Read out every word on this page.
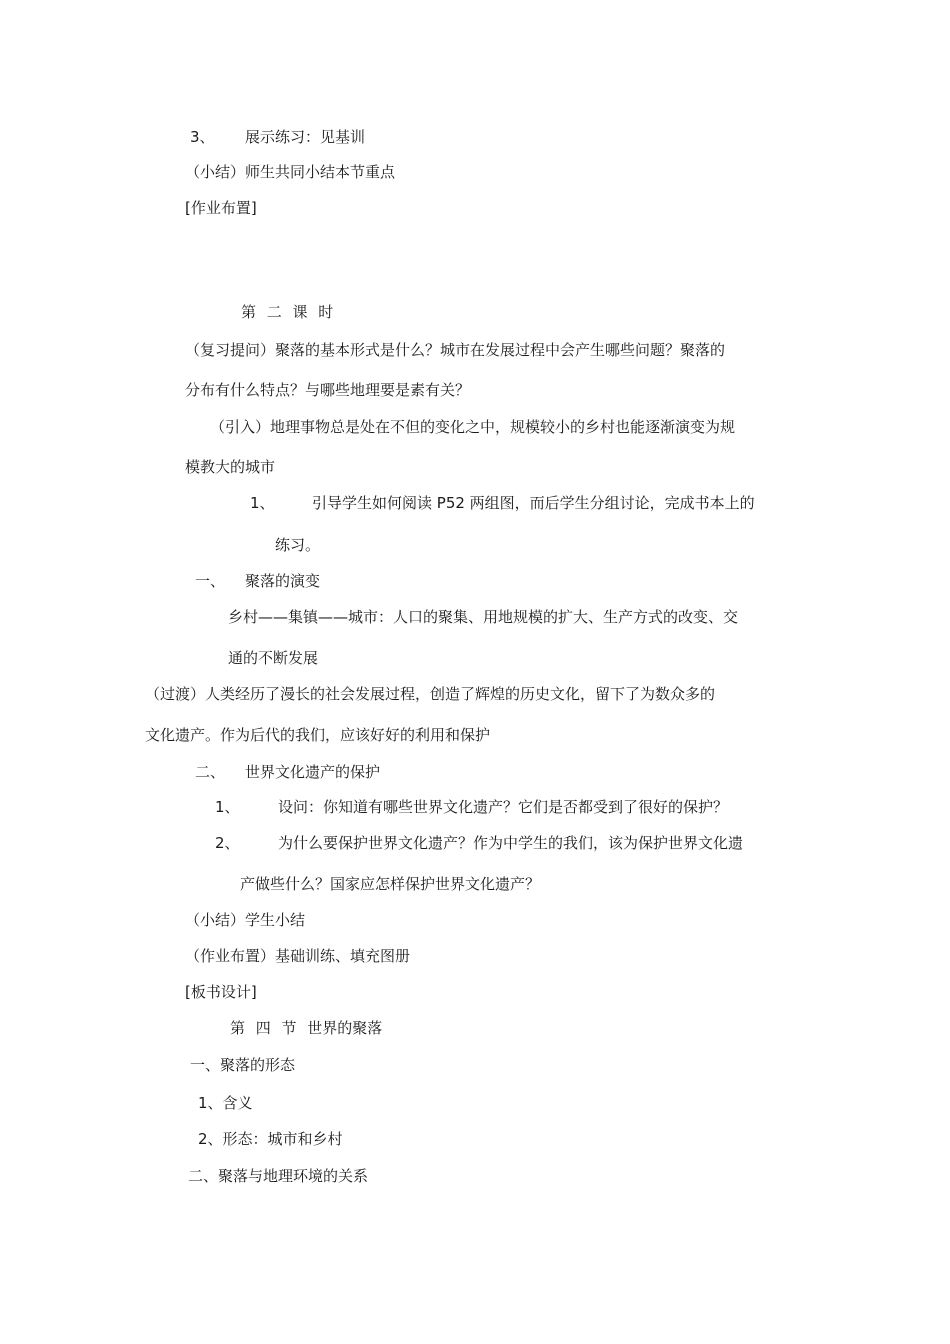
3、 展示练习：见基训
（小结）师生共同小结本节重点
[作业布置]
第 二 课 时
（复习提问）聚落的基本形式是什么？城市在发展过程中会产生哪些问题？聚落的
分布有什么特点？与哪些地理要是素有关？
（引入）地理事物总是处在不但的变化之中，规模较小的乡村也能逐渐演变为规
模教大的城市
1、 引导学生如何阅读 P52 两组图，而后学生分组讨论，完成书本上的
练习。
一、 聚落的演变
乡村——集镇——城市：人口的聚集、用地规模的扩大、生产方式的改变、交
通的不断发展
（过渡）人类经历了漫长的社会发展过程，创造了辉煌的历史文化，留下了为数众多的
文化遗产。作为后代的我们，应该好好的利用和保护
二、 世界文化遗产的保护
1、	设问：你知道有哪些世界文化遗产？它们是否都受到了很好的保护？
2、	为什么要保护世界文化遗产？作为中学生的我们，该为保护世界文化遗
产做些什么？国家应怎样保护世界文化遗产？
（小结）学生小结
（作业布置）基础训练、填充图册
[板书设计]
第 四 节 世界的聚落
一、聚落的形态
1、含义
2、形态：城市和乡村
二、聚落与地理环境的关系
